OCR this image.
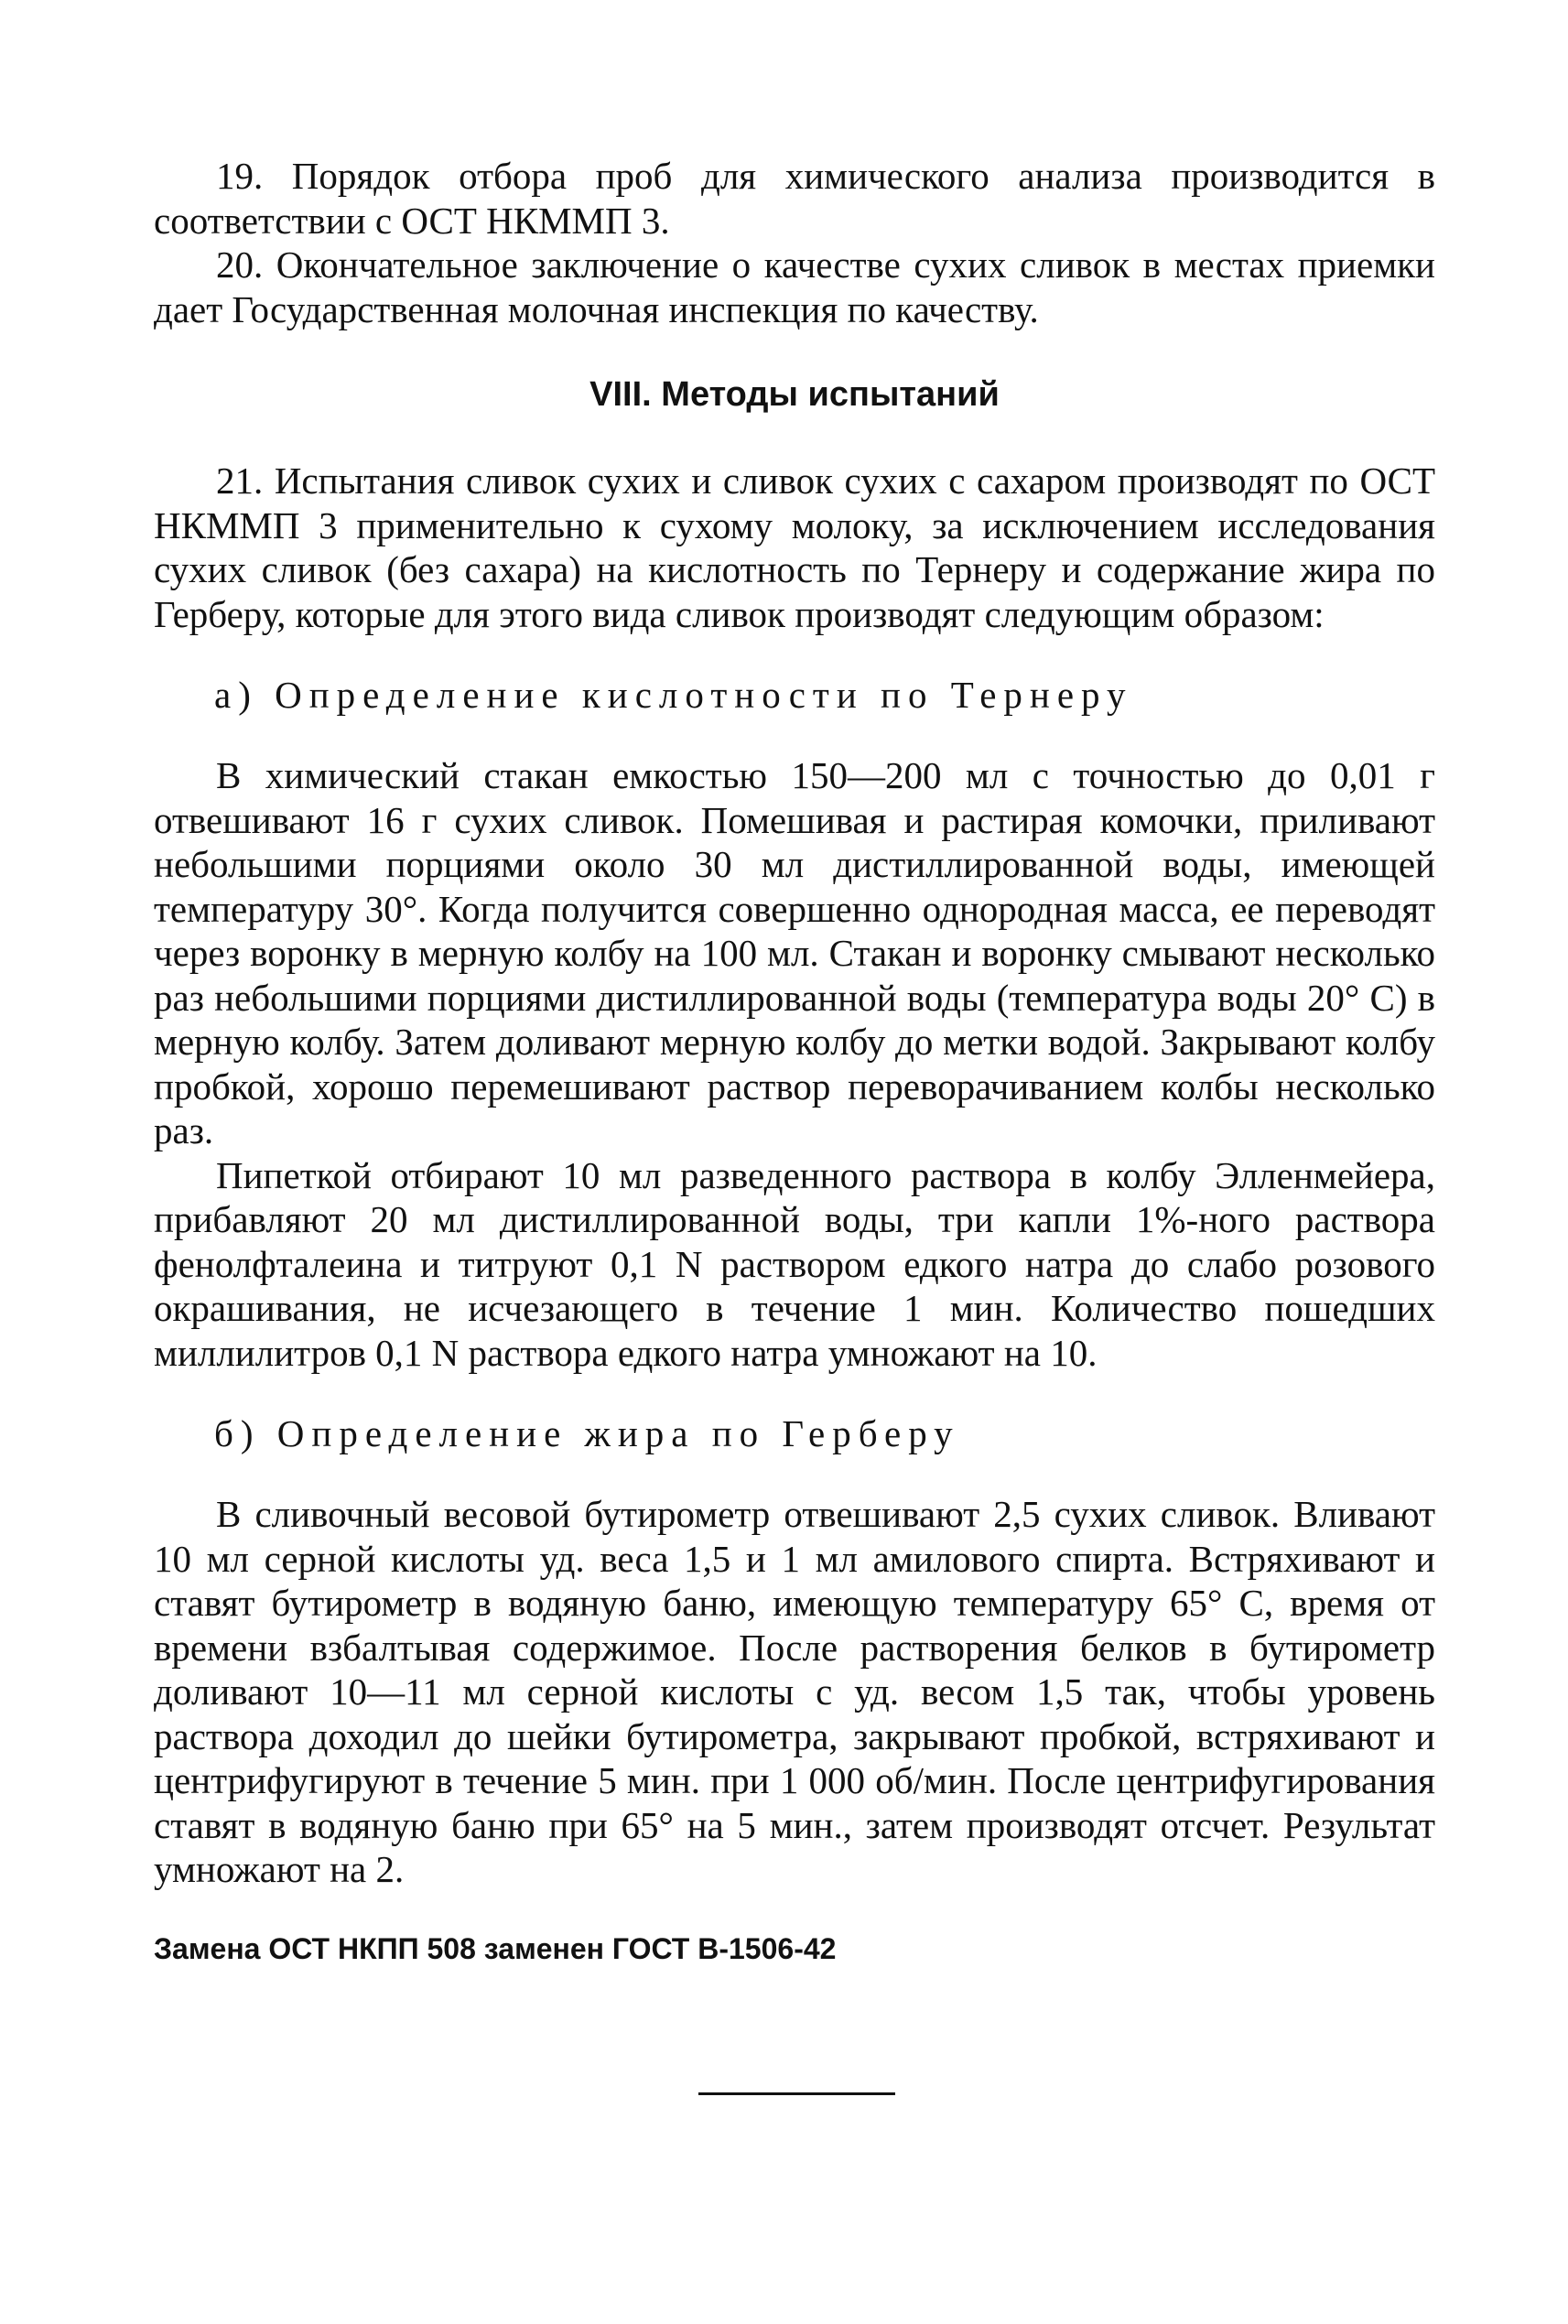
19. Порядок отбора проб для химического анализа производится в соответствии с ОСТ НКММП 3.

20. Окончательное заключение о качестве сухих сливок в местах приемки дает Государственная молочная инспекция по качеству.

VIII. Методы испытаний

21. Испытания сливок сухих и сливок сухих с сахаром производят по ОСТ НКММП 3 применительно к сухому молоку, за исключением исследования сухих сливок (без сахара) на кислотность по Тернеру и содержание жира по Герберу, которые для этого вида сливок производят следующим образом:

а) Определение кислотности по Тернеру

В химический стакан емкостью 150—200 мл с точностью до 0,01 г отвешивают 16 г сухих сливок. Помешивая и растирая комочки, приливают небольшими порциями около 30 мл дистиллированной воды, имеющей температуру 30°. Когда получится совершенно однородная масса, ее переводят через воронку в мерную колбу на 100 мл. Стакан и воронку смывают несколько раз небольшими порциями дистиллированной воды (температура воды 20° С) в мерную колбу. Затем доливают мерную колбу до метки водой. Закрывают колбу пробкой, хорошо перемешивают раствор переворачиванием колбы несколько раз.

Пипеткой отбирают 10 мл разведенного раствора в колбу Элленмейера, прибавляют 20 мл дистиллированной воды, три капли 1%-ного раствора фенолфталеина и титруют 0,1 N раствором едкого натра до слабо розового окрашивания, не исчезающего в течение 1 мин. Количество пошедших миллилитров 0,1 N раствора едкого натра умножают на 10.

б) Определение жира по Герберу

В сливочный весовой бутирометр отвешивают 2,5 сухих сливок. Вливают 10 мл серной кислоты уд. веса 1,5 и 1 мл амилового спирта. Встряхивают и ставят бутирометр в водяную баню, имеющую температуру 65° С, время от времени взбалтывая содержимое. После растворения белков в бутирометр доливают 10—11 мл серной кислоты с уд. весом 1,5 так, чтобы уровень раствора доходил до шейки бутирометра, закрывают пробкой, встряхивают и центрифугируют в течение 5 мин. при 1 000 об/мин. После центрифугирования ставят в водяную баню при 65° на 5 мин., затем производят отсчет. Результат умножают на 2.

Замена ОСТ НКПП 508 заменен ГОСТ В-1506-42
